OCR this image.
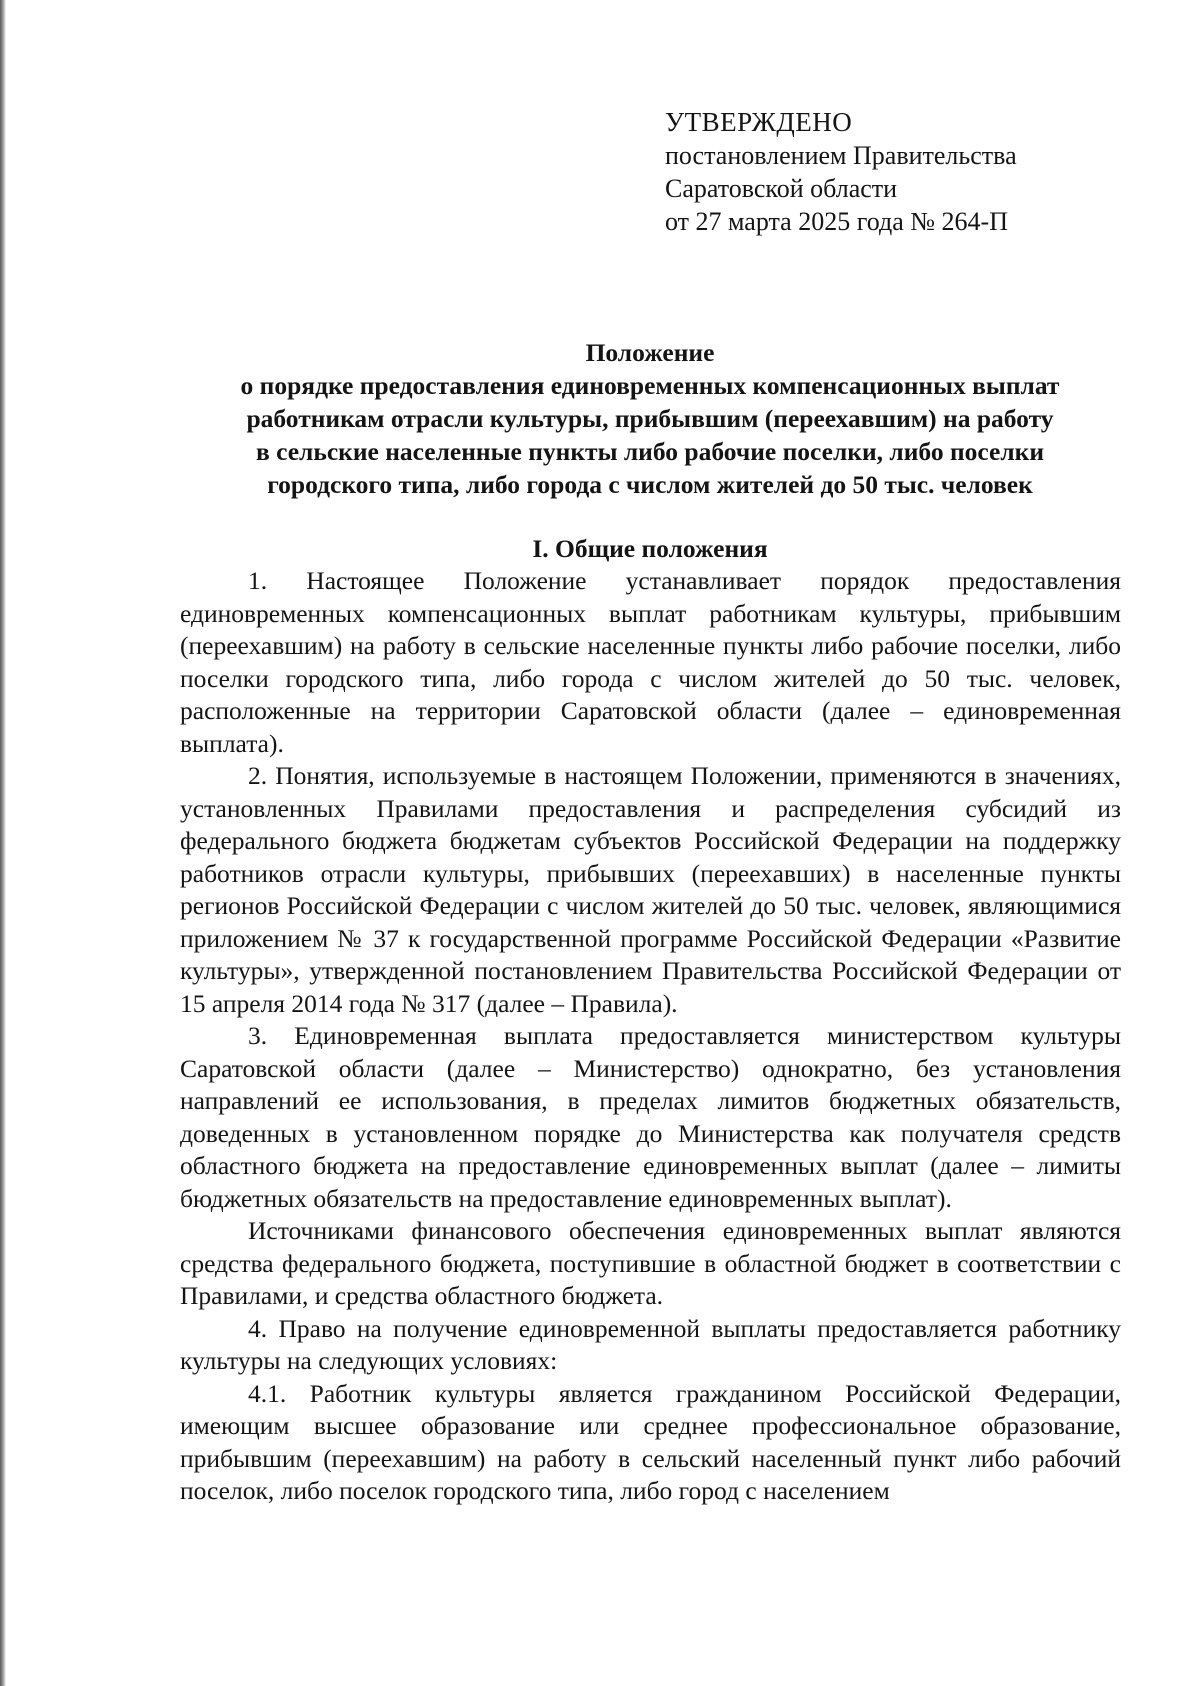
УТВЕРЖДЕНО
постановлением Правительства
Саратовской области
от 27 марта 2025 года № 264-П
Положение
о порядке предоставления единовременных компенсационных выплат
работникам отрасли культуры, прибывшим (переехавшим) на работу
в сельские населенные пункты либо рабочие поселки, либо поселки
городского типа, либо города с числом жителей до 50 тыс. человек
I. Общие положения

1. Настоящее Положение устанавливает порядок предоставления единовременных компенсационных выплат работникам культуры, прибывшим (переехавшим) на работу в сельские населенные пункты либо рабочие поселки, либо поселки городского типа, либо города с числом жителей до 50 тыс. человек, расположенные на территории Саратовской области (далее – единовременная выплата).

2. Понятия, используемые в настоящем Положении, применяются в значениях, установленных Правилами предоставления и распределения субсидий из федерального бюджета бюджетам субъектов Российской Федерации на поддержку работников отрасли культуры, прибывших (переехавших) в населенные пункты регионов Российской Федерации с числом жителей до 50 тыс. человек, являющимися приложением № 37 к государственной программе Российской Федерации «Развитие культуры», утвержденной постановлением Правительства Российской Федерации от 15 апреля 2014 года № 317 (далее – Правила).

3. Единовременная выплата предоставляется министерством культуры Саратовской области (далее – Министерство) однократно, без установления направлений ее использования, в пределах лимитов бюджетных обязательств, доведенных в установленном порядке до Министерства как получателя средств областного бюджета на предоставление единовременных выплат (далее – лимиты бюджетных обязательств на предоставление единовременных выплат).

Источниками финансового обеспечения единовременных выплат являются средства федерального бюджета, поступившие в областной бюджет в соответствии с Правилами, и средства областного бюджета.

4. Право на получение единовременной выплаты предоставляется работнику культуры на следующих условиях:

4.1. Работник культуры является гражданином Российской Федерации, имеющим высшее образование или среднее профессиональное образование, прибывшим (переехавшим) на работу в сельский населенный пункт либо рабочий поселок, либо поселок городского типа, либо город с населением
